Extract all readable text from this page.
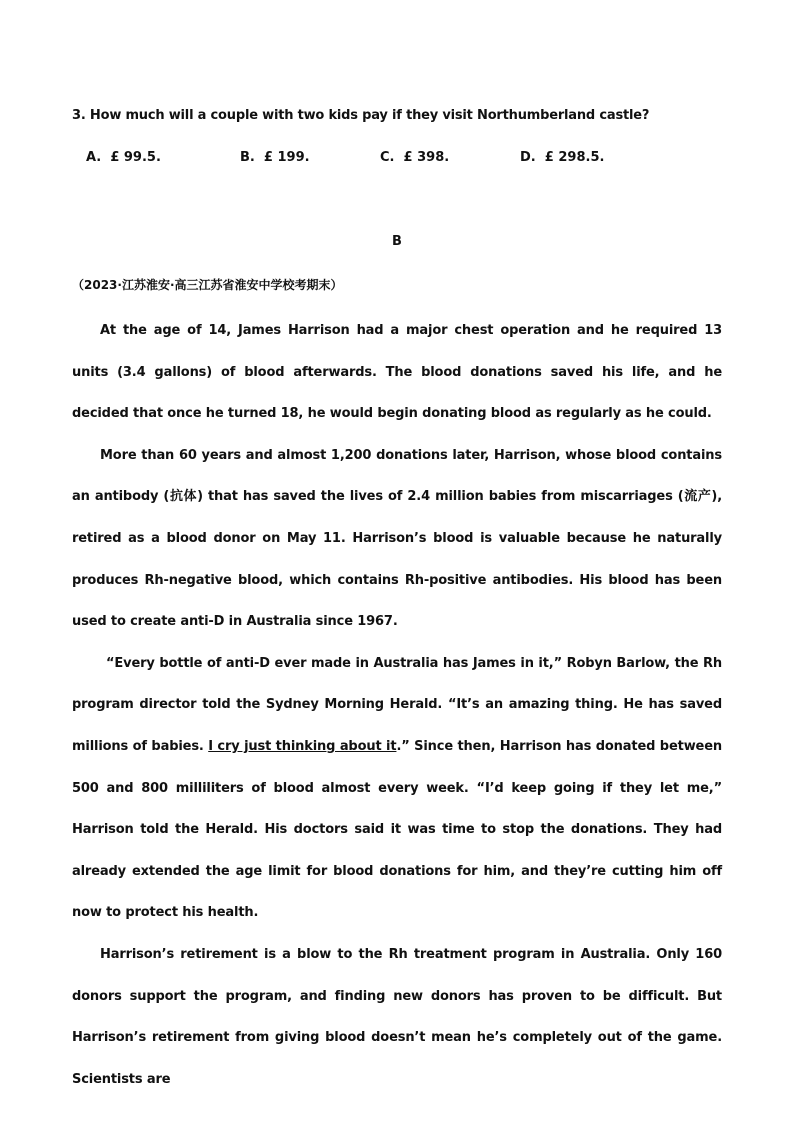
3. How much will a couple with two kids pay if they visit Northumberland castle?
A. £ 99.5.	B. £ 199.	C. £ 398.	D. £ 298.5.
B
（2023·江苏淮安·高三江苏省淮安中学校考期末）

At the age of 14, James Harrison had a major chest operation and he required 13 units (3.4 gallons) of blood afterwards. The blood donations saved his life, and he decided that once he turned 18, he would begin donating blood as regularly as he could.

More than 60 years and almost 1,200 donations later, Harrison, whose blood contains an antibody (抗体) that has saved the lives of 2.4 million babies from miscarriages (流产), retired as a blood donor on May 11. Harrison’s blood is valuable because he naturally produces Rh-negative blood, which contains Rh-positive antibodies. His blood has been used to create anti-D in Australia since 1967.

“Every bottle of anti-D ever made in Australia has James in it,” Robyn Barlow, the Rh program director told the Sydney Morning Herald. “It’s an amazing thing. He has saved millions of babies. I cry just thinking about it.” Since then, Harrison has donated between 500 and 800 milliliters of blood almost every week. “I’d keep going if they let me,” Harrison told the Herald. His doctors said it was time to stop the donations. They had already extended the age limit for blood donations for him, and they’re cutting him off now to protect his health.

Harrison’s retirement is a blow to the Rh treatment program in Australia. Only 160 donors support the program, and finding new donors has proven to be difficult. But Harrison’s retirement from giving blood doesn’t mean he’s completely out of the game. Scientists are
